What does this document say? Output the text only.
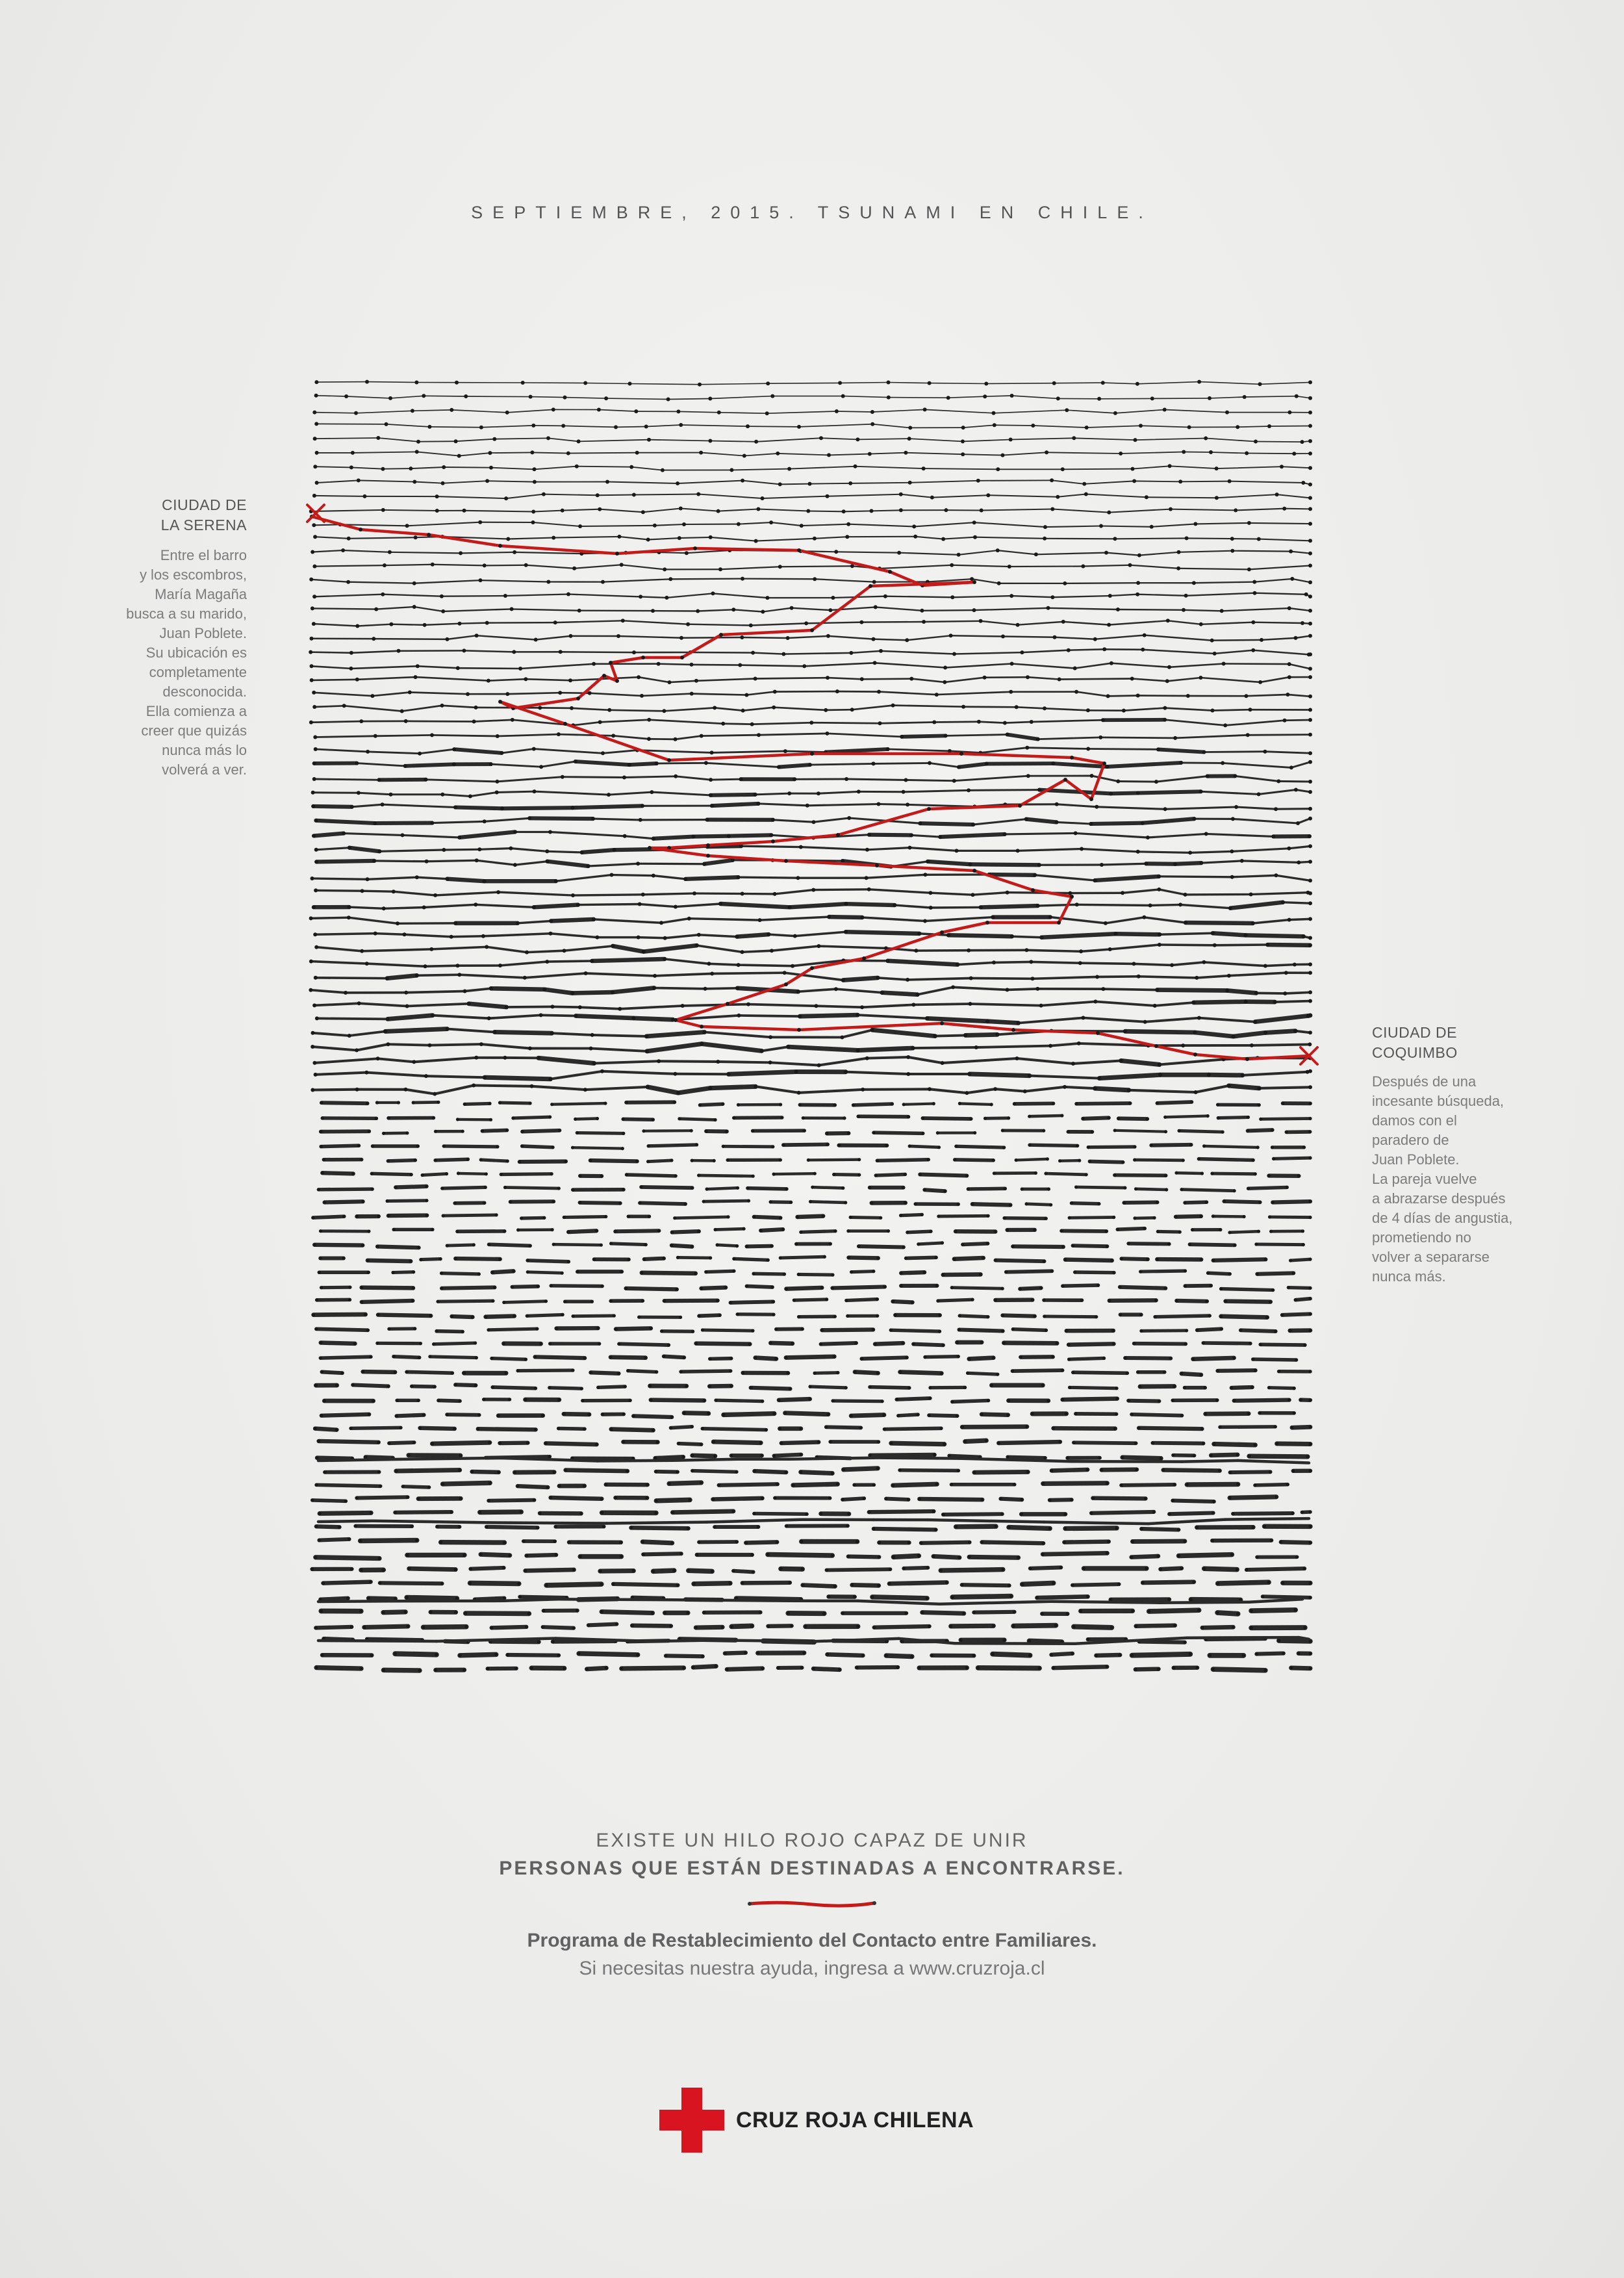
SEPTIEMBRE, 2015. TSUNAMI EN CHILE.
CIUDAD DE
LA SERENA
Entre el barro
y los escombros,
María Magaña
busca a su marido,
Juan Poblete.
Su ubicación es
completamente
desconocida.
Ella comienza a
creer que quizás
nunca más lo
volverá a ver.
CIUDAD DE
COQUIMBO
Después de una
incesante búsqueda,
damos con el
paradero de
Juan Poblete.
La pareja vuelve
a abrazarse después
de 4 días de angustia,
prometiendo no
volver a separarse
nunca más.
EXISTE UN HILO ROJO CAPAZ DE UNIR
PERSONAS QUE ESTÁN DESTINADAS A ENCONTRARSE.
Programa de Restablecimiento del Contacto entre Familiares.
Si necesitas nuestra ayuda, ingresa a www.cruzroja.cl
CRUZ ROJA CHILENA
